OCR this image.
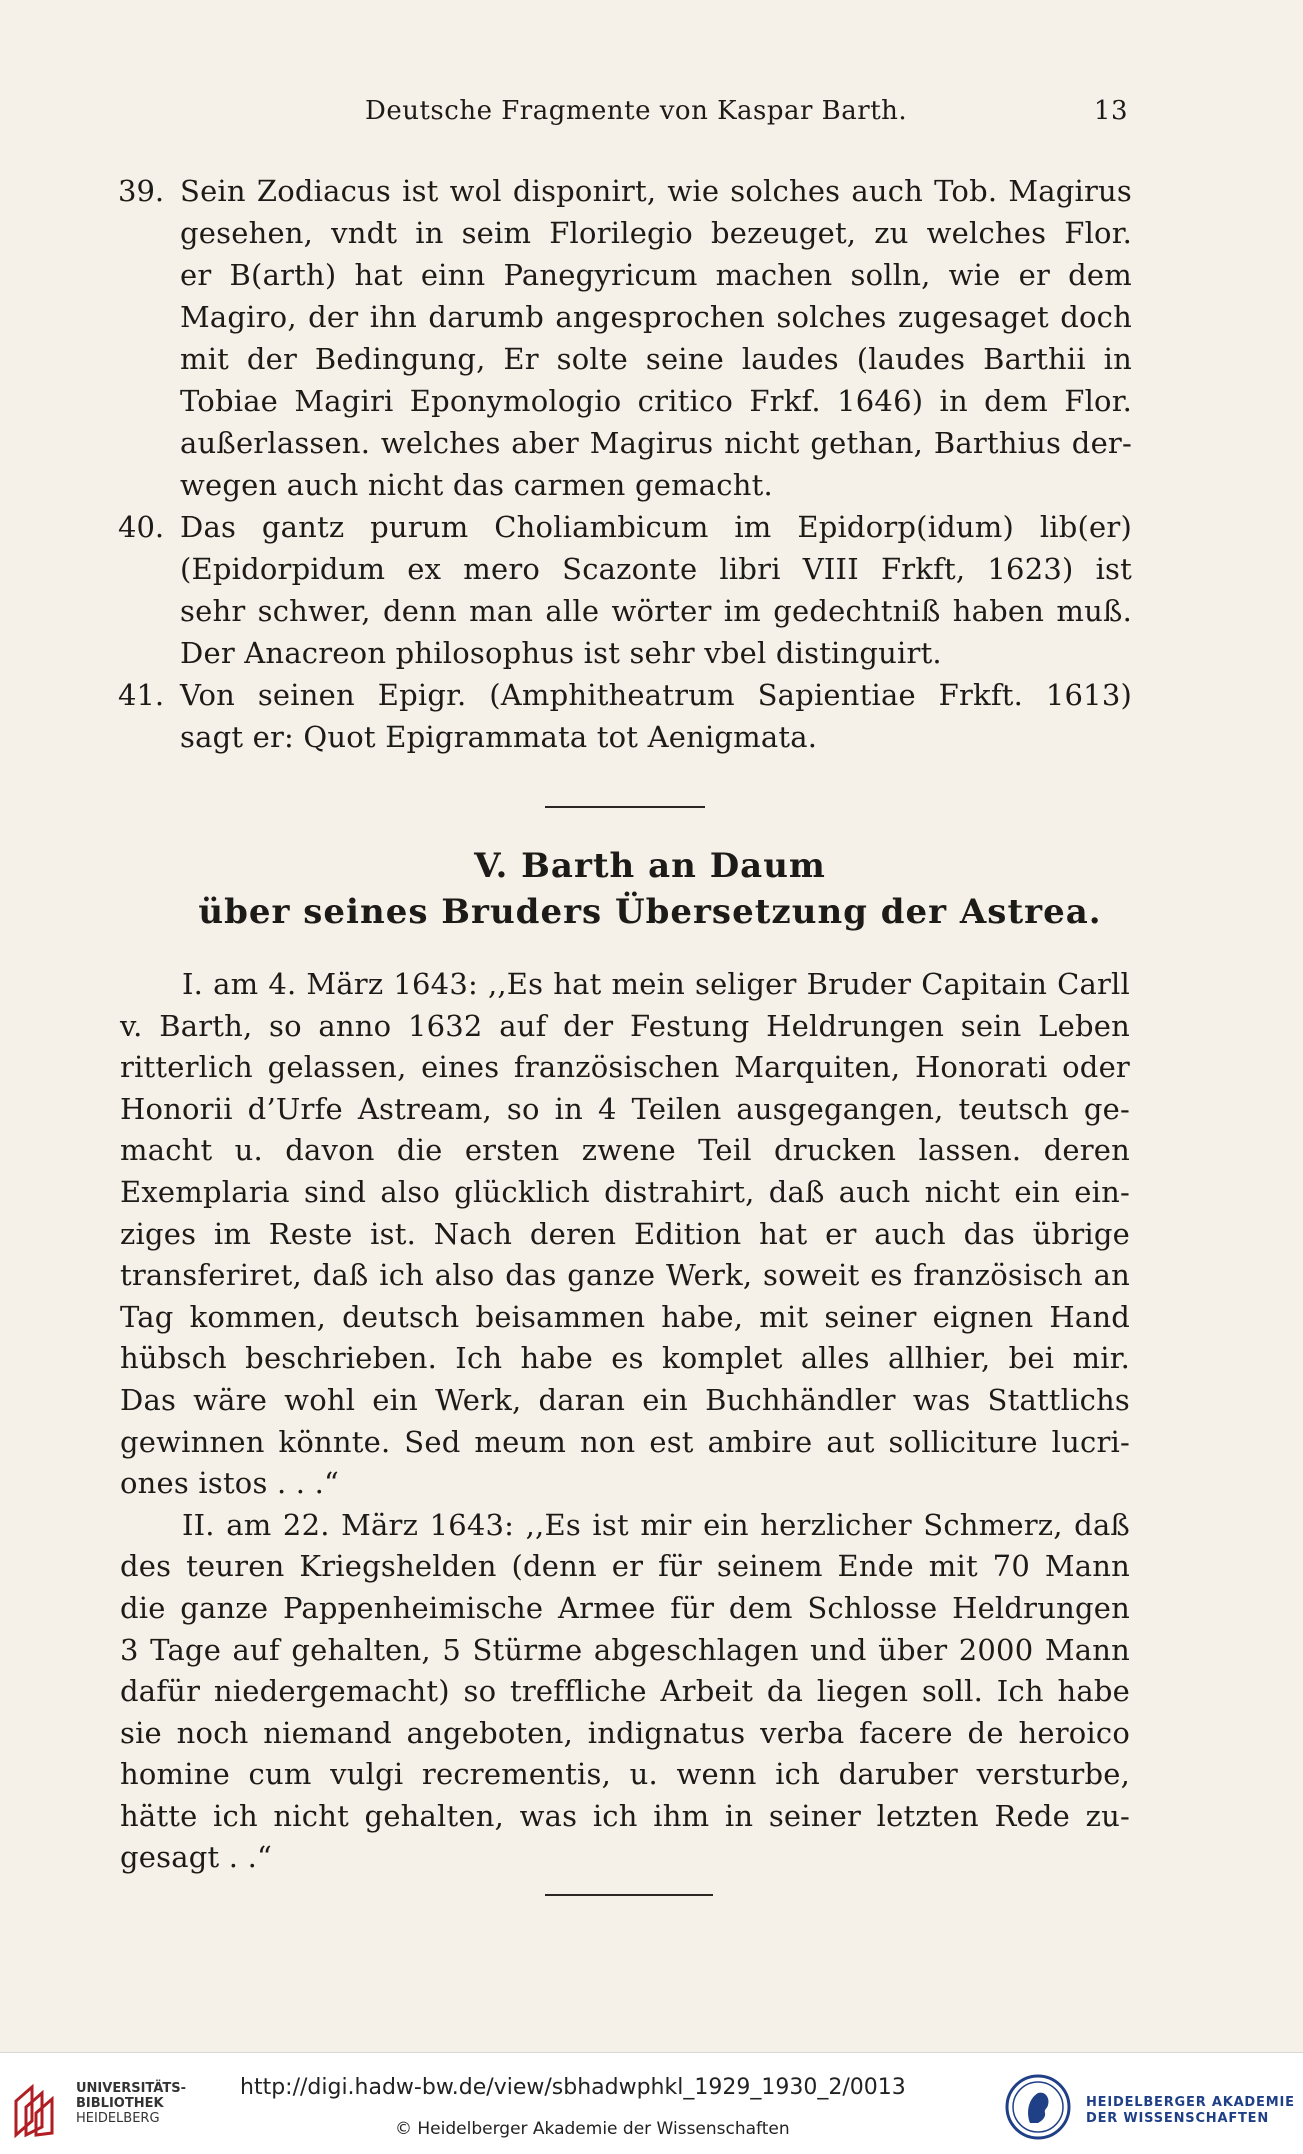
Deutsche Fragmente von Kaspar Barth.	13
39. Sein Zodiacus ist wol disponirt, wie solches auch Tob. Magirus
gesehen, vndt in seim Florilegio bezeuget, zu welches Flor.
er B(arth) hat einn Panegyricum machen solln, wie er dem
Magiro, der ihn darumb angesprochen solches zugesaget doch
mit der Bedingung, Er solte seine laudes (laudes Barthii in
Tobiae Magiri Eponymologio critico Frkf. 1646) in dem Flor.
außerlassen. welches aber Magirus nicht gethan, Barthius der-
wegen auch nicht das carmen gemacht.
40. Das gantz purum Choliambicum im Epidorp(idum) lib(er)
(Epidorpidum ex mero Scazonte libri VIII Frkft, 1623) ist
sehr schwer, denn man alle wörter im gedechtniß haben muß.
Der Anacreon philosophus ist sehr vbel distinguirt.
41. Von seinen Epigr. (Amphitheatrum Sapientiae Frkft. 1613)
sagt er: Quot Epigrammata tot Aenigmata.
V. Barth an Daum
über seines Bruders Übersetzung der Astrea.
I. am 4. März 1643: ,,Es hat mein seliger Bruder Capitain Carll
v. Barth, so anno 1632 auf der Festung Heldrungen sein Leben
ritterlich gelassen, eines französischen Marquiten, Honorati oder
Honorii d’Urfe Astream, so in 4 Teilen ausgegangen, teutsch ge-
macht u. davon die ersten zwene Teil drucken lassen. deren
Exemplaria sind also glücklich distrahirt, daß auch nicht ein ein-
ziges im Reste ist. Nach deren Edition hat er auch das übrige
transferiret, daß ich also das ganze Werk, soweit es französisch an
Tag kommen, deutsch beisammen habe, mit seiner eignen Hand
hübsch beschrieben. Ich habe es komplet alles allhier, bei mir.
Das wäre wohl ein Werk, daran ein Buchhändler was Stattlichs
gewinnen könnte. Sed meum non est ambire aut solliciture lucri-
ones istos . . .“
II. am 22. März 1643: ,,Es ist mir ein herzlicher Schmerz, daß
des teuren Kriegshelden (denn er für seinem Ende mit 70 Mann
die ganze Pappenheimische Armee für dem Schlosse Heldrungen
3 Tage auf gehalten, 5 Stürme abgeschlagen und über 2000 Mann
dafür niedergemacht) so treffliche Arbeit da liegen soll. Ich habe
sie noch niemand angeboten, indignatus verba facere de heroico
homine cum vulgi recrementis, u. wenn ich daruber versturbe,
hätte ich nicht gehalten, was ich ihm in seiner letzten Rede zu-
gesagt . .“
UNIVERSITÄTS-
BIBLIOTHEK
HEIDELBERG
http://digi.hadw-bw.de/view/sbhadwphkl_1929_1930_2/0013
© Heidelberger Akademie der Wissenschaften
HEIDELBERGER AKADEMIE
DER WISSENSCHAFTEN
